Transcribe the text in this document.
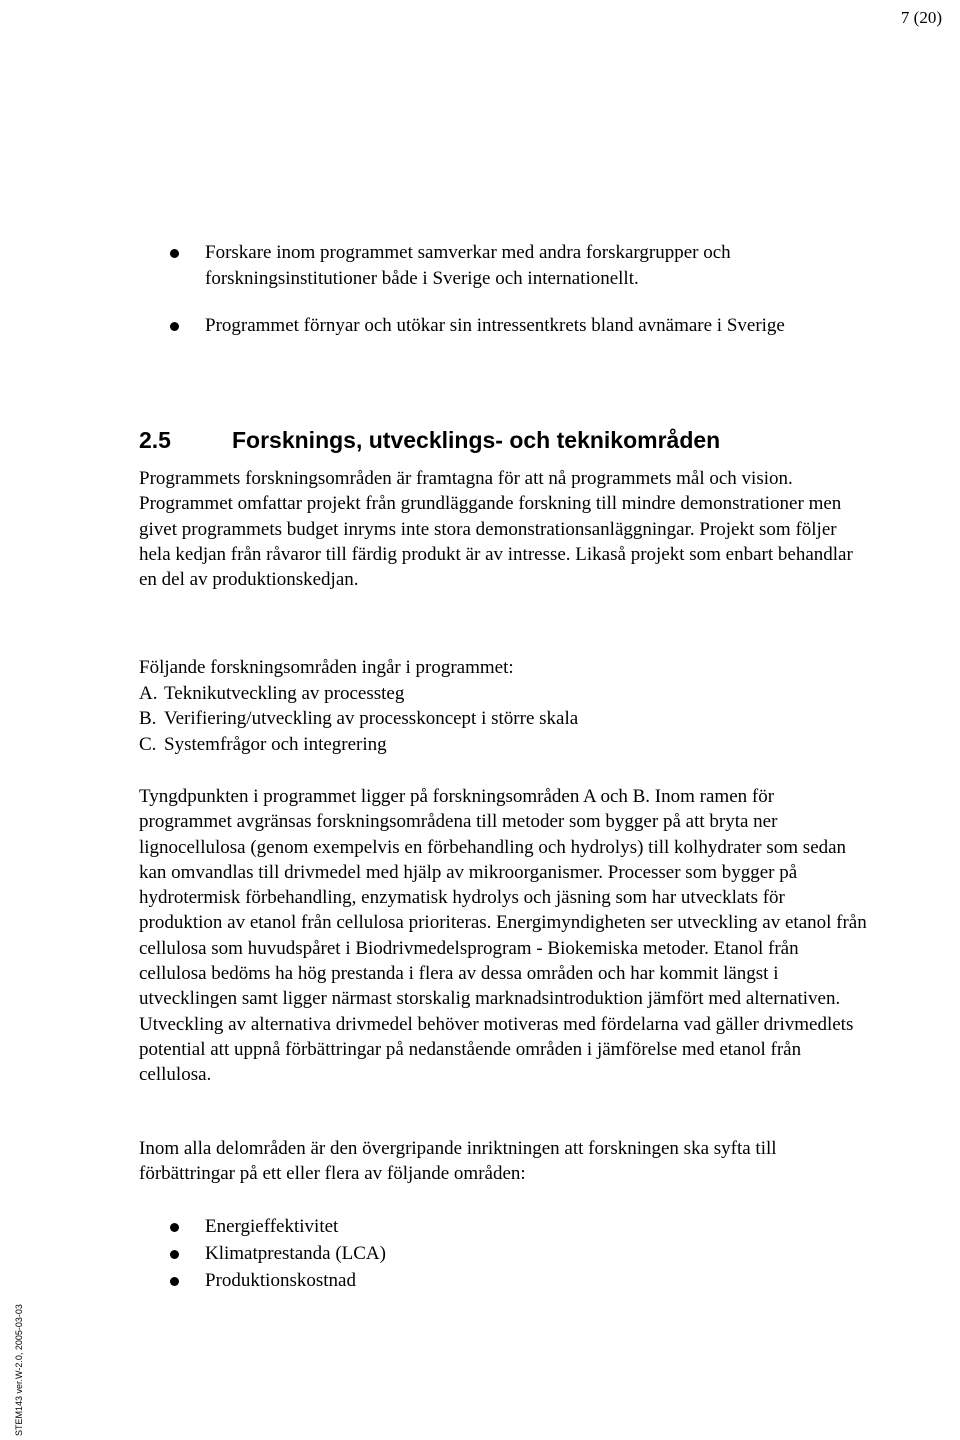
7 (20)
Forskare inom programmet samverkar med andra forskargrupper och forskningsinstitutioner både i Sverige och internationellt.
Programmet förnyar och utökar sin intressentkrets bland avnämare i Sverige
2.5	Forsknings, utvecklings- och teknikområden

Programmets forskningsområden är framtagna för att nå programmets mål och vision. Programmet omfattar projekt från grundläggande forskning till mindre demonstrationer men givet programmets budget inryms inte stora demonstrationsanläggningar. Projekt som följer hela kedjan från råvaror till färdig produkt är av intresse. Likaså projekt som enbart behandlar en del av produktionskedjan.

Följande forskningsområden ingår i programmet:
A. Teknikutveckling av processteg
B. Verifiering/utveckling av processkoncept i större skala
C. Systemfrågor och integrering

Tyngdpunkten i programmet ligger på forskningsområden A och B. Inom ramen för programmet avgränsas forskningsområdena till metoder som bygger på att bryta ner lignocellulosa (genom exempelvis en förbehandling och hydrolys) till kolhydrater som sedan kan omvandlas till drivmedel med hjälp av mikroorganismer. Processer som bygger på hydrotermisk förbehandling, enzymatisk hydrolys och jäsning som har utvecklats för produktion av etanol från cellulosa prioriteras. Energimyndigheten ser utveckling av etanol från cellulosa som huvudspåret i Biodrivmedelsprogram - Biokemiska metoder. Etanol från cellulosa bedöms ha hög prestanda i flera av dessa områden och har kommit längst i utvecklingen samt ligger närmast storskalig marknadsintroduktion jämfört med alternativen. Utveckling av alternativa drivmedel behöver motiveras med fördelarna vad gäller drivmedlets potential att uppnå förbättringar på nedanstående områden i jämförelse med etanol från cellulosa.

Inom alla delområden är den övergripande inriktningen att forskningen ska syfta till förbättringar på ett eller flera av följande områden:

Energieffektivitet
Klimatprestanda (LCA)
Produktionskostnad
STEM143 ver.W-2.0, 2005-03-03
